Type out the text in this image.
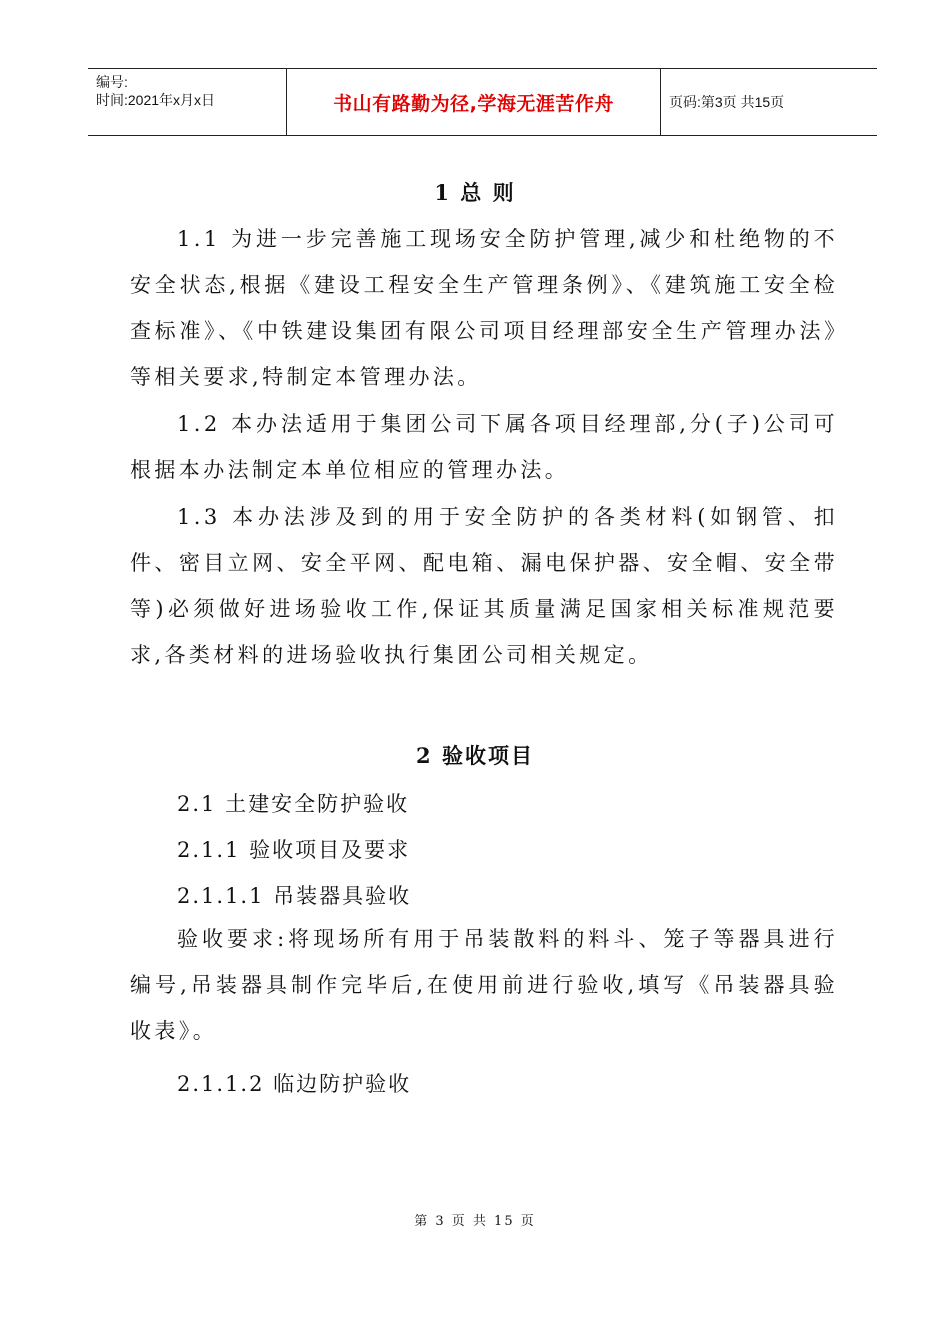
编号:
时间:2021年x月x日	书山有路勤为径,学海无涯苦作舟	页码:第3页 共15页
1 总 则

1.1 为进一步完善施工现场安全防护管理,减少和杜绝物的不安全状态,根据《建设工程安全生产管理条例》、《建筑施工安全检查标准》、《中铁建设集团有限公司项目经理部安全生产管理办法》等相关要求,特制定本管理办法。

1.2 本办法适用于集团公司下属各项目经理部,分(子)公司可根据本办法制定本单位相应的管理办法。

1.3 本办法涉及到的用于安全防护的各类材料(如钢管、扣件、密目立网、安全平网、配电箱、漏电保护器、安全帽、安全带等)必须做好进场验收工作,保证其质量满足国家相关标准规范要求,各类材料的进场验收执行集团公司相关规定。

2 验收项目
2.1 土建安全防护验收
2.1.1 验收项目及要求
2.1.1.1 吊装器具验收

验收要求:将现场所有用于吊装散料的料斗、笼子等器具进行编号,吊装器具制作完毕后,在使用前进行验收,填写《吊装器具验收表》。

2.1.1.2 临边防护验收
第 3 页 共 15 页
